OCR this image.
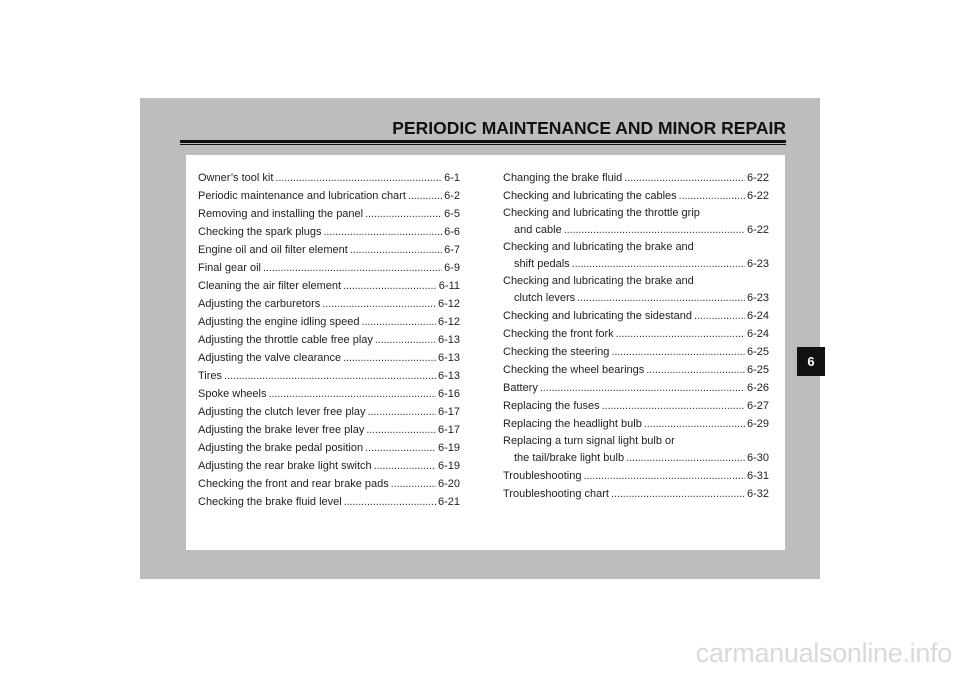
PERIODIC MAINTENANCE AND MINOR REPAIR
Owner’s tool kit . . .	6-1
Periodic maintenance and lubrication chart . . .	6-2
Removing and installing the panel . . .	6-5
Checking the spark plugs . . .	6-6
Engine oil and oil filter element . . .	6-7
Final gear oil . . .	6-9
Cleaning the air filter element . . .	6-11
Adjusting the carburetors . . .	6-12
Adjusting the engine idling speed . . .	6-12
Adjusting the throttle cable free play . . .	6-13
Adjusting the valve clearance . . .	6-13
Tires . . .	6-13
Spoke wheels . . .	6-16
Adjusting the clutch lever free play . . .	6-17
Adjusting the brake lever free play . . .	6-17
Adjusting the brake pedal position . . .	6-19
Adjusting the rear brake light switch . . .	6-19
Checking the front and rear brake pads . . .	6-20
Checking the brake fluid level . . .	6-21
Changing the brake fluid . . .	6-22
Checking and lubricating the cables . . .	6-22
Checking and lubricating the throttle grip
and cable . . .	6-22
Checking and lubricating the brake and
shift pedals . . .	6-23
Checking and lubricating the brake and
clutch levers . . .	6-23
Checking and lubricating the sidestand . . .	6-24
Checking the front fork . . .	6-24
Checking the steering . . .	6-25
Checking the wheel bearings . . .	6-25
Battery . . .	6-26
Replacing the fuses . . .	6-27
Replacing the headlight bulb . . .	6-29
Replacing a turn signal light bulb or
the tail/brake light bulb . . .	6-30
Troubleshooting . . .	6-31
Troubleshooting chart . . .	6-32
6
carmanualsonline.info
